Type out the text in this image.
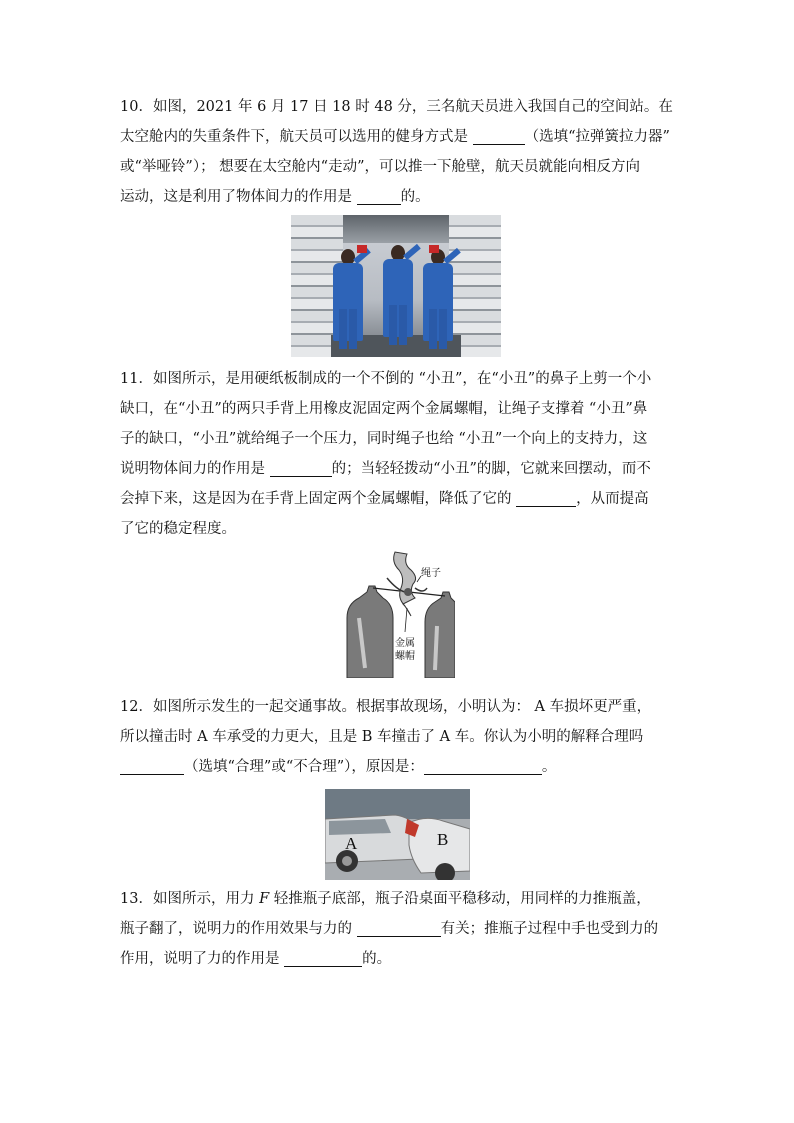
10．如图，2021 年 6 月 17 日 18 时 48 分，三名航天员进入我国自己的空间站。在
太空舱内的失重条件下，航天员可以选用的健身方式是	（选填“拉弹簧拉力器”
或“举哑铃”）； 想要在太空舱内“走动”，可以推一下舱壁，航天员就能向相反方向
运动，这是利用了物体间力的作用是	的。
11．如图所示，是用硬纸板制成的一个不倒的 “小丑”，在“小丑”的鼻子上剪一个小
缺口，在“小丑”的两只手背上用橡皮泥固定两个金属螺帽，让绳子支撑着 “小丑”鼻
子的缺口，“小丑”就给绳子一个压力，同时绳子也给 “小丑”一个向上的支持力，这
说明物体间力的作用是	的；当轻轻拨动“小丑”的脚，它就来回摆动，而不
会掉下来，这是因为在手背上固定两个金属螺帽，降低了它的	，从而提高
了它的稳定程度。
绳子
金属
螺帽
12．如图所示发生的一起交通事故。根据事故现场，小明认为： A 车损坏更严重，
所以撞击时 A 车承受的力更大，且是 B 车撞击了 A 车。你认为小明的解释合理吗
（选填“合理”或“不合理”），原因是：	。
A	B
13．如图所示，用力 F 轻推瓶子底部，瓶子沿桌面平稳移动，用同样的力推瓶盖，
瓶子翻了，说明力的作用效果与力的	有关；推瓶子过程中手也受到力的
作用，说明了力的作用是	的。
